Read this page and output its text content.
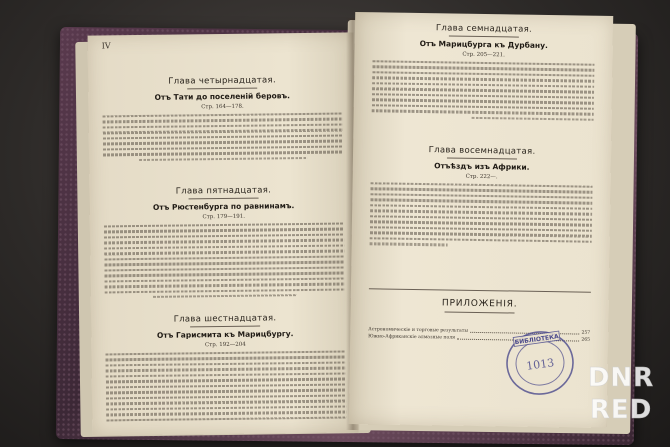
IV
Глава четырнадцатая.
Отъ Тати до поселеній беровъ.
Стр. 164—178.
Глава пятнадцатая.
Отъ Рюстенбурга по равнинамъ.
Стр. 179—191.
Глава шестнадцатая.
Отъ Гарисмита къ Марицбургу.
Стр. 192—204
Глава семнадцатая.
Отъ Марицбурга къ Дурбану.
Стр. 205—221.
Глава восемнадцатая.
Отъѣздъ изъ Африки.
Стр. 222—.
ПРИЛОЖЕНІЯ.
Астрономическіе и торговые результаты	257
Южно-Африканскіе алмазные поля	265
БИБЛІОТЕКА
1013	DNR RED
